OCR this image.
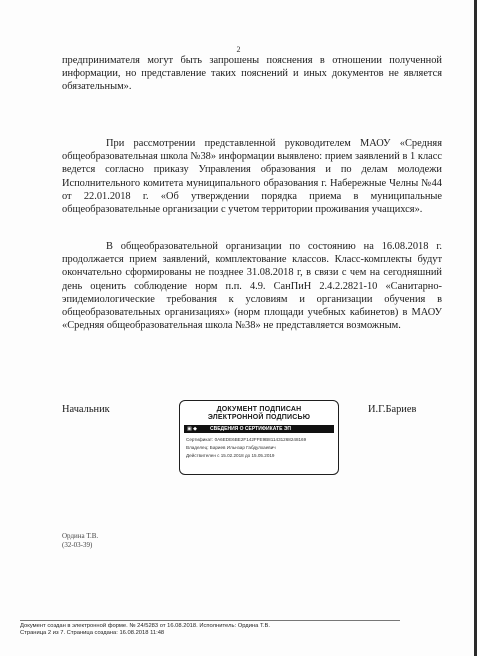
2
предпринимателя могут быть запрошены пояснения в отношении полученной информации, но представление таких пояснений и иных документов не является обязательным».
При рассмотрении представленной руководителем МАОУ «Средняя общеобразовательная школа №38» информации выявлено: прием заявлений в 1 класс ведется согласно приказу Управления образования и по делам молодежи Исполнительного комитета муниципального образования г. Набережные Челны №44 от 22.01.2018 г. «Об утверждении порядка приема в муниципальные общеобразовательные организации с учетом территории проживания учащихся».
В общеобразовательной организации по состоянию на 16.08.2018 г. продолжается прием заявлений, комплектование классов. Класс-комплекты будут окончательно сформированы не позднее 31.08.2018 г, в связи с чем на сегодняшний день оценить соблюдение норм п.п. 4.9. СанПиН 2.4.2.2821-10 «Санитарно-эпидемиологические требования к условиям и организации обучения в общеобразовательных организациях» (норм площади учебных кабинетов) в МАОУ «Средняя общеобразовательная школа №38» не представляется возможным.
Начальник	ДОКУМЕНТ ПОДПИСАН
ЭЛЕКТРОННОЙ ПОДПИСЬЮ
▣ ◆	СВЕДЕНИЯ О СЕРТИФИКАТЕ ЭП
Сертификат: 0A6EDE6BE2F142FFE9B811431268248169
Владелец: Бариев Ильнзар Габдулхаевич
Действителен с 15.02.2018 до 15.05.2019
И.Г.Бариев
Ордина Т.В.
(32-03-39)
Документ создан в электронной форме. № 24/5283 от 16.08.2018. Исполнитель: Ордина Т.В.
Страница 2 из 7. Страница создана: 16.08.2018 11:48
